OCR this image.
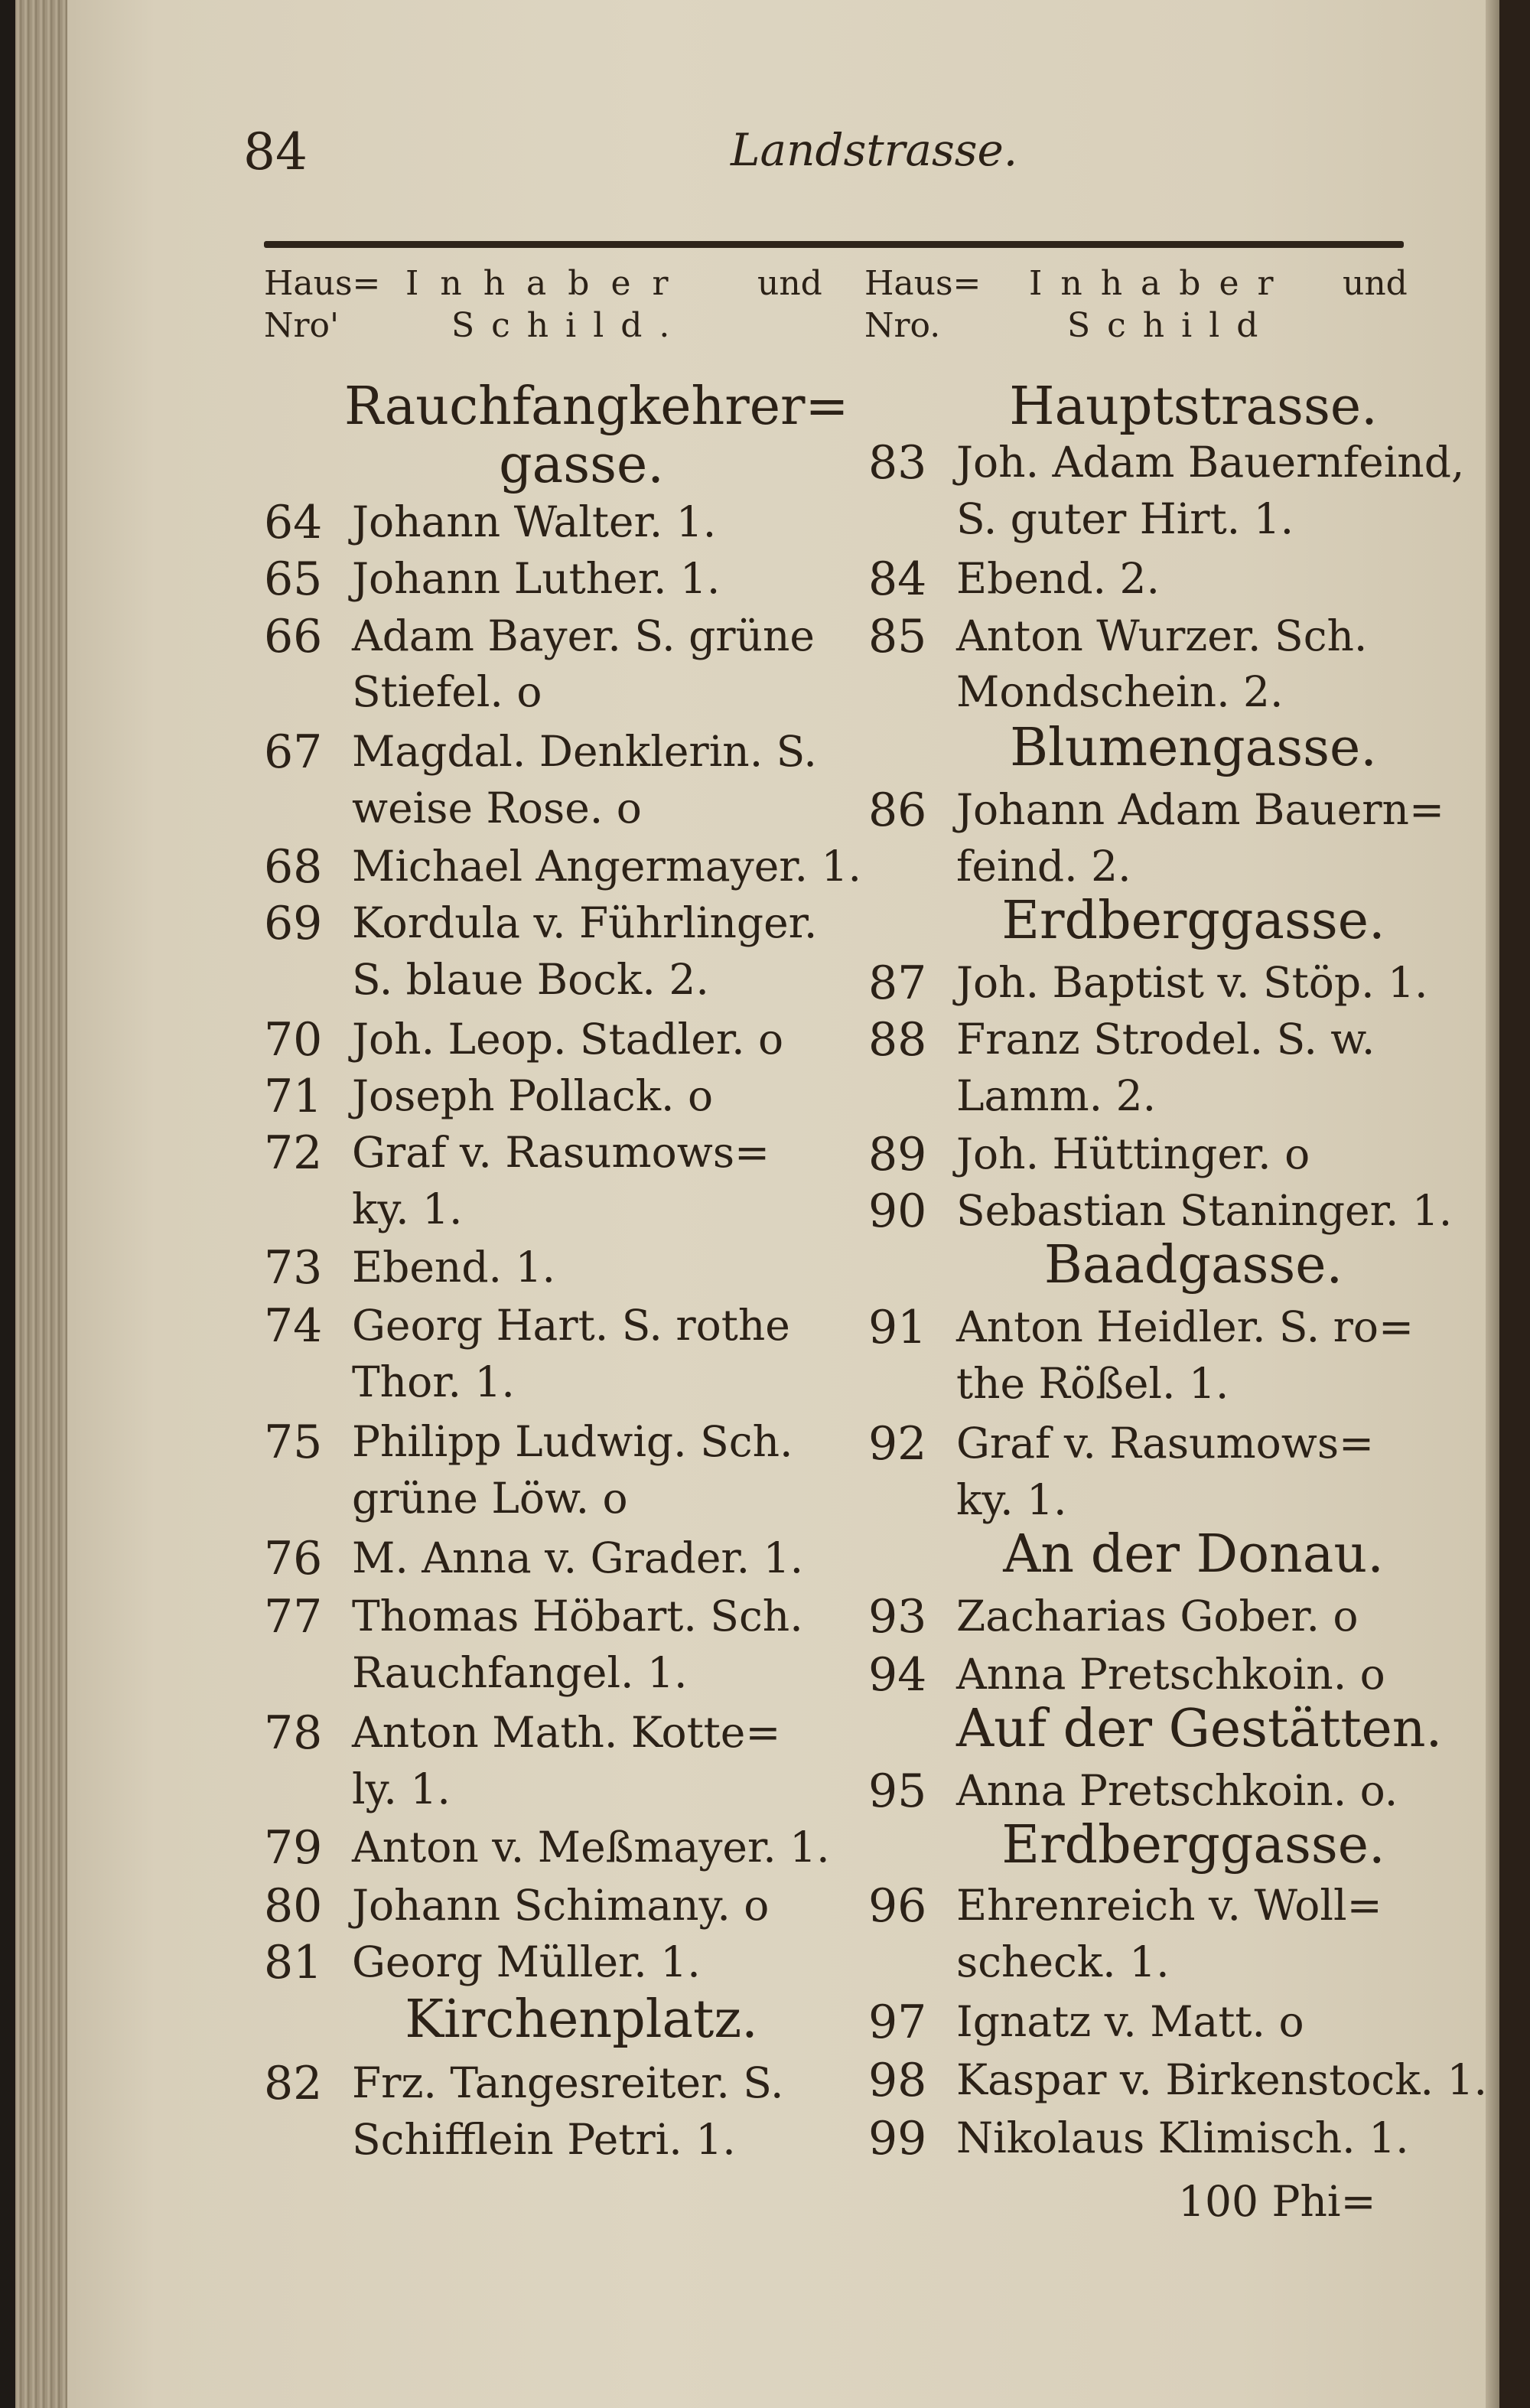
84	Landstrasse.
Haus=
Nro'
Inhaber und
Schild.
Haus=
Nro.
Inhaber und
Schild
Rauchfangkehrer=
gasse.
64 Johann Walter. 1.
65 Johann Luther. 1.
66 Adam Bayer. S. grüne
Stiefel. o
67 Magdal. Denklerin. S.
weise Rose. o
68 Michael Angermayer. 1.
69 Kordula v. Führlinger.
S. blaue Bock. 2.
70 Joh. Leop. Stadler. o
71 Joseph Pollack. o
72 Graf v. Rasumows=
ky. 1.
73 Ebend. 1.
74 Georg Hart. S. rothe
Thor. 1.
75 Philipp Ludwig. Sch.
grüne Löw. o
76 M. Anna v. Grader. 1.
77 Thomas Höbart. Sch.
Rauchfangel. 1.
78 Anton Math. Kotte=
ly. 1.
79 Anton v. Meßmayer. 1.
80 Johann Schimany. o
81 Georg Müller. 1.
Kirchenplatz.
82 Frz. Tangesreiter. S.
Schifflein Petri. 1.
Hauptstrasse.
83 Joh. Adam Bauernfeind,
S. guter Hirt. 1.
84 Ebend. 2.
85 Anton Wurzer. Sch.
Mondschein. 2.
Blumengasse.
86 Johann Adam Bauern=
feind. 2.
Erdberggasse.
87 Joh. Baptist v. Stöp. 1.
88 Franz Strodel. S. w.
Lamm. 2.
89 Joh. Hüttinger. o
90 Sebastian Staninger. 1.
Baadgasse.
91 Anton Heidler. S. ro=
the Rößel. 1.
92 Graf v. Rasumows=
ky. 1.
An der Donau.
93 Zacharias Gober. o
94 Anna Pretschkoin. o
Auf der Gestätten.
95 Anna Pretschkoin. o.
Erdberggasse.
96 Ehrenreich v. Woll=
scheck. 1.
97 Ignatz v. Matt. o
98 Kaspar v. Birkenstock. 1.
99 Nikolaus Klimisch. 1.
100 Phi=
